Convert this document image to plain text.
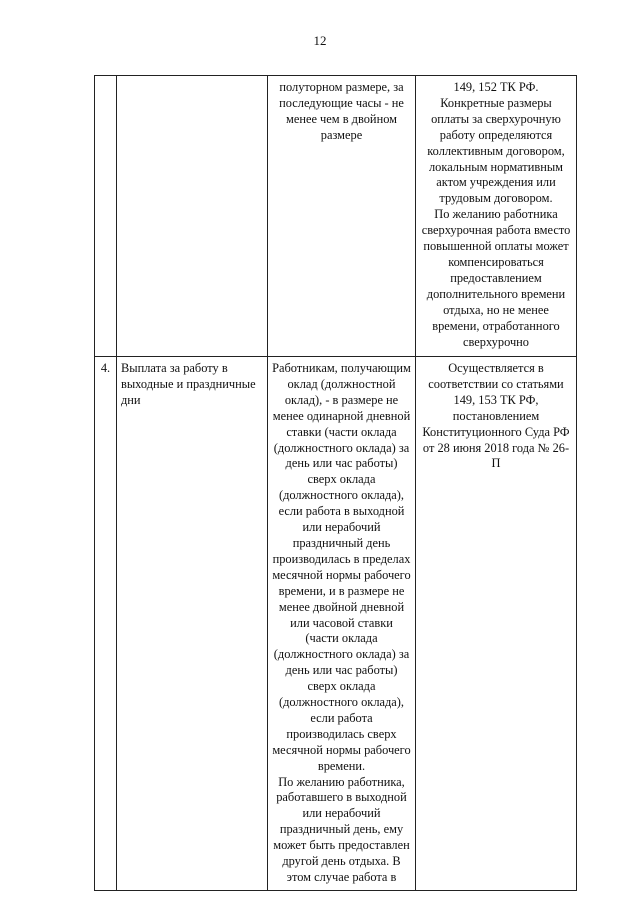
12

		полуторном размере, за последующие часы - не менее чем в двойном размере	149, 152 ТК РФ.
Конкретные размеры оплаты за сверхурочную работу определяются коллективным договором, локальным нормативным актом учреждения или трудовым договором.
По желанию работника сверхурочная работа вместо повышенной оплаты может компенсироваться предоставлением дополнительного времени отдыха, но не менее времени, отработанного сверхурочно

4.	Выплата за работу в выходные и праздничные дни	Работникам, получающим оклад (должностной оклад), - в размере не менее одинарной дневной ставки (части оклада (должностного оклада) за день или час работы) сверх оклада (должностного оклада), если работа в выходной или нерабочий праздничный день производилась в пределах месячной нормы рабочего времени, и в размере не менее двойной дневной или часовой ставки (части оклада (должностного оклада) за день или час работы) сверх оклада (должностного оклада), если работа производилась сверх месячной нормы рабочего времени.
По желанию работника, работавшего в выходной или нерабочий праздничный день, ему может быть предоставлен другой день отдыха. В этом случае работа в	Осуществляется в соответствии со статьями 149, 153 ТК РФ, постановлением Конституционного Суда РФ от 28 июня 2018 года № 26-П
